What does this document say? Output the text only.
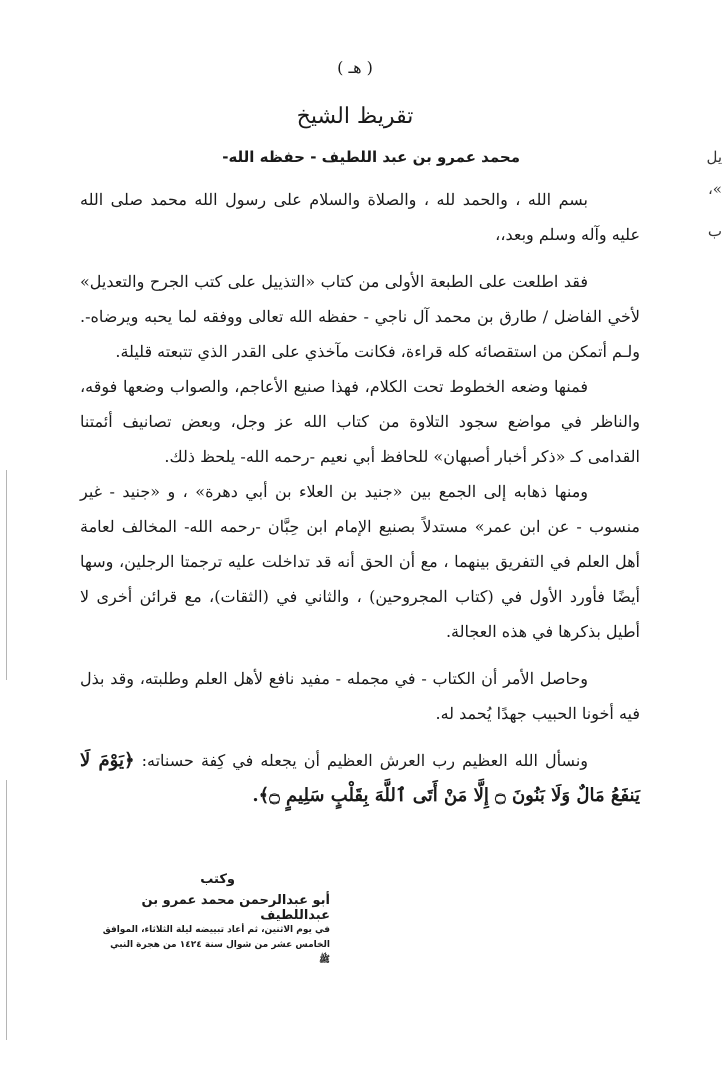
( هـ )
تقريظ الشيخ
محمد عمرو بن عبد اللطيف - حفظه الله-

بسم الله ، والحمد لله ، والصلاة والسلام على رسول الله محمد صلى الله عليه وآله وسلم وبعد،،

فقد اطلعت على الطبعة الأولى من كتاب «التذييل على كتب الجرح والتعديل» لأخي الفاضل / طارق بن محمد آل ناجي - حفظه الله تعالى ووفقه لما يحبه ويرضاه-. ولـم أتمكن من استقصائه كله قراءة، فكانت مآخذي على القدر الذي تتبعته قليلة.

فمنها وضعه الخطوط تحت الكلام، فهذا صنيع الأعاجم، والصواب وضعها فوقه، والناظر في مواضع سجود التلاوة من كتاب الله عز وجل، وبعض تصانيف أئمتنا القدامى كـ «ذكر أخبار أصبهان» للحافظ أبي نعيم -رحمه الله- يلحظ ذلك.

ومنها ذهابه إلى الجمع بين «جنيد بن العلاء بن أبي دهرة» ، و «جنيد - غير منسوب - عن ابن عمر» مستدلاً بصنيع الإمام ابن حِبَّان -رحمه الله- المخالف لعامة أهل العلم في التفريق بينهما ، مع أن الحق أنه قد تداخلت عليه ترجمتا الرجلين، وسها أيضًا فأورد الأول في (كتاب المجروحين) ، والثاني في (الثقات)، مع قرائن أخرى لا أطيل بذكرها في هذه العجالة.

وحاصل الأمر أن الكتاب - في مجمله - مفيد نافع لأهل العلم وطلبته، وقد بذل فيه أخونا الحبيب جهدًا يُحمد له.

ونسأل الله العظيم رب العرش العظيم أن يجعله في كِفة حسناته: ﴿يَوْمَ لَا يَنفَعُ مَالٌ وَلَا بَنُونَ ۝ إِلَّا مَنْ أَتَى ٱللَّهَ بِقَلْبٍ سَلِيمٍ ۝﴾.

وكتب
أبو عبدالرحمن محمد عمرو بن عبداللطيف
في يوم الاثنين، ثم أعاد تبييضه ليلة الثلاثاء، الموافق
الخامس عشر من شوال سنة ١٤٢٤ من هجرة النبي ﷺ
يل
»،
ب
